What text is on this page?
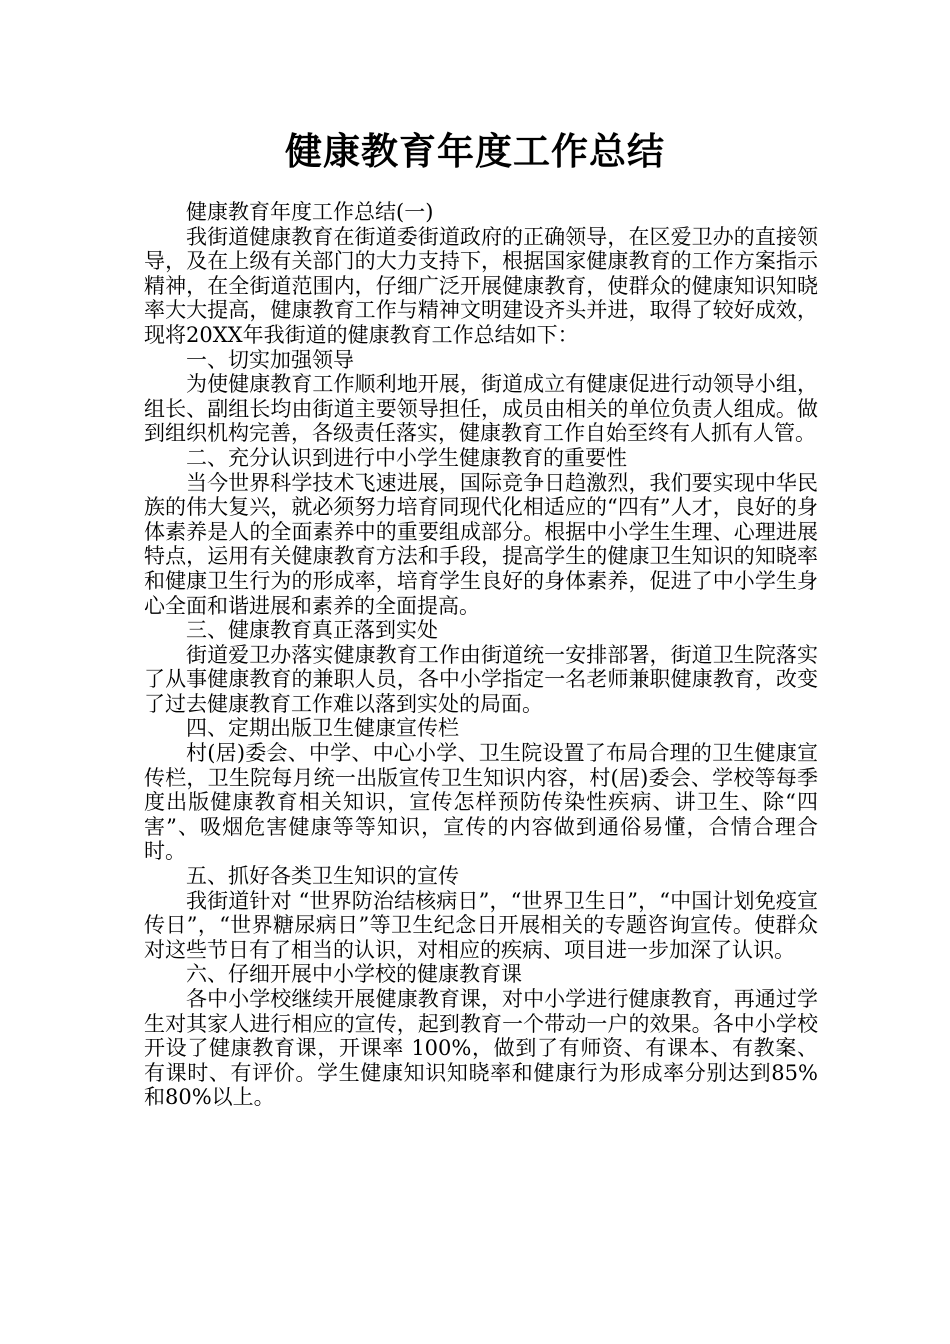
健康教育年度工作总结

健康教育年度工作总结(一)

我街道健康教育在街道委街道政府的正确领导，在区爱卫办的直接领导，及在上级有关部门的大力支持下，根据国家健康教育的工作方案指示精神，在全街道范围内，仔细广泛开展健康教育，使群众的健康知识知晓率大大提高，健康教育工作与精神文明建设齐头并进，取得了较好成效，现将20XX年我街道的健康教育工作总结如下：

一、切实加强领导

为使健康教育工作顺利地开展，街道成立有健康促进行动领导小组，组长、副组长均由街道主要领导担任，成员由相关的单位负责人组成。做到组织机构完善，各级责任落实，健康教育工作自始至终有人抓有人管。

二、充分认识到进行中小学生健康教育的重要性

当今世界科学技术飞速进展，国际竞争日趋激烈，我们要实现中华民族的伟大复兴，就必须努力培育同现代化相适应的“四有”人才，良好的身体素养是人的全面素养中的重要组成部分。根据中小学生生理、心理进展特点，运用有关健康教育方法和手段，提高学生的健康卫生知识的知晓率和健康卫生行为的形成率，培育学生良好的身体素养，促进了中小学生身心全面和谐进展和素养的全面提高。

三、健康教育真正落到实处

街道爱卫办落实健康教育工作由街道统一安排部署，街道卫生院落实了从事健康教育的兼职人员，各中小学指定一名老师兼职健康教育，改变了过去健康教育工作难以落到实处的局面。

四、定期出版卫生健康宣传栏

村(居)委会、中学、中心小学、卫生院设置了布局合理的卫生健康宣传栏，卫生院每月统一出版宣传卫生知识内容，村(居)委会、学校等每季度出版健康教育相关知识，宣传怎样预防传染性疾病、讲卫生、除“四害”、吸烟危害健康等等知识，宣传的内容做到通俗易懂，合情合理合时。

五、抓好各类卫生知识的宣传

我街道针对 “世界防治结核病日”，“世界卫生日”，“中国计划免疫宣传日”，“世界糖尿病日”等卫生纪念日开展相关的专题咨询宣传。使群众对这些节日有了相当的认识，对相应的疾病、项目进一步加深了认识。

六、仔细开展中小学校的健康教育课

各中小学校继续开展健康教育课，对中小学进行健康教育，再通过学生对其家人进行相应的宣传，起到教育一个带动一户的效果。各中小学校开设了健康教育课，开课率 100%，做到了有师资、有课本、有教案、有课时、有评价。学生健康知识知晓率和健康行为形成率分别达到85%和80%以上。
